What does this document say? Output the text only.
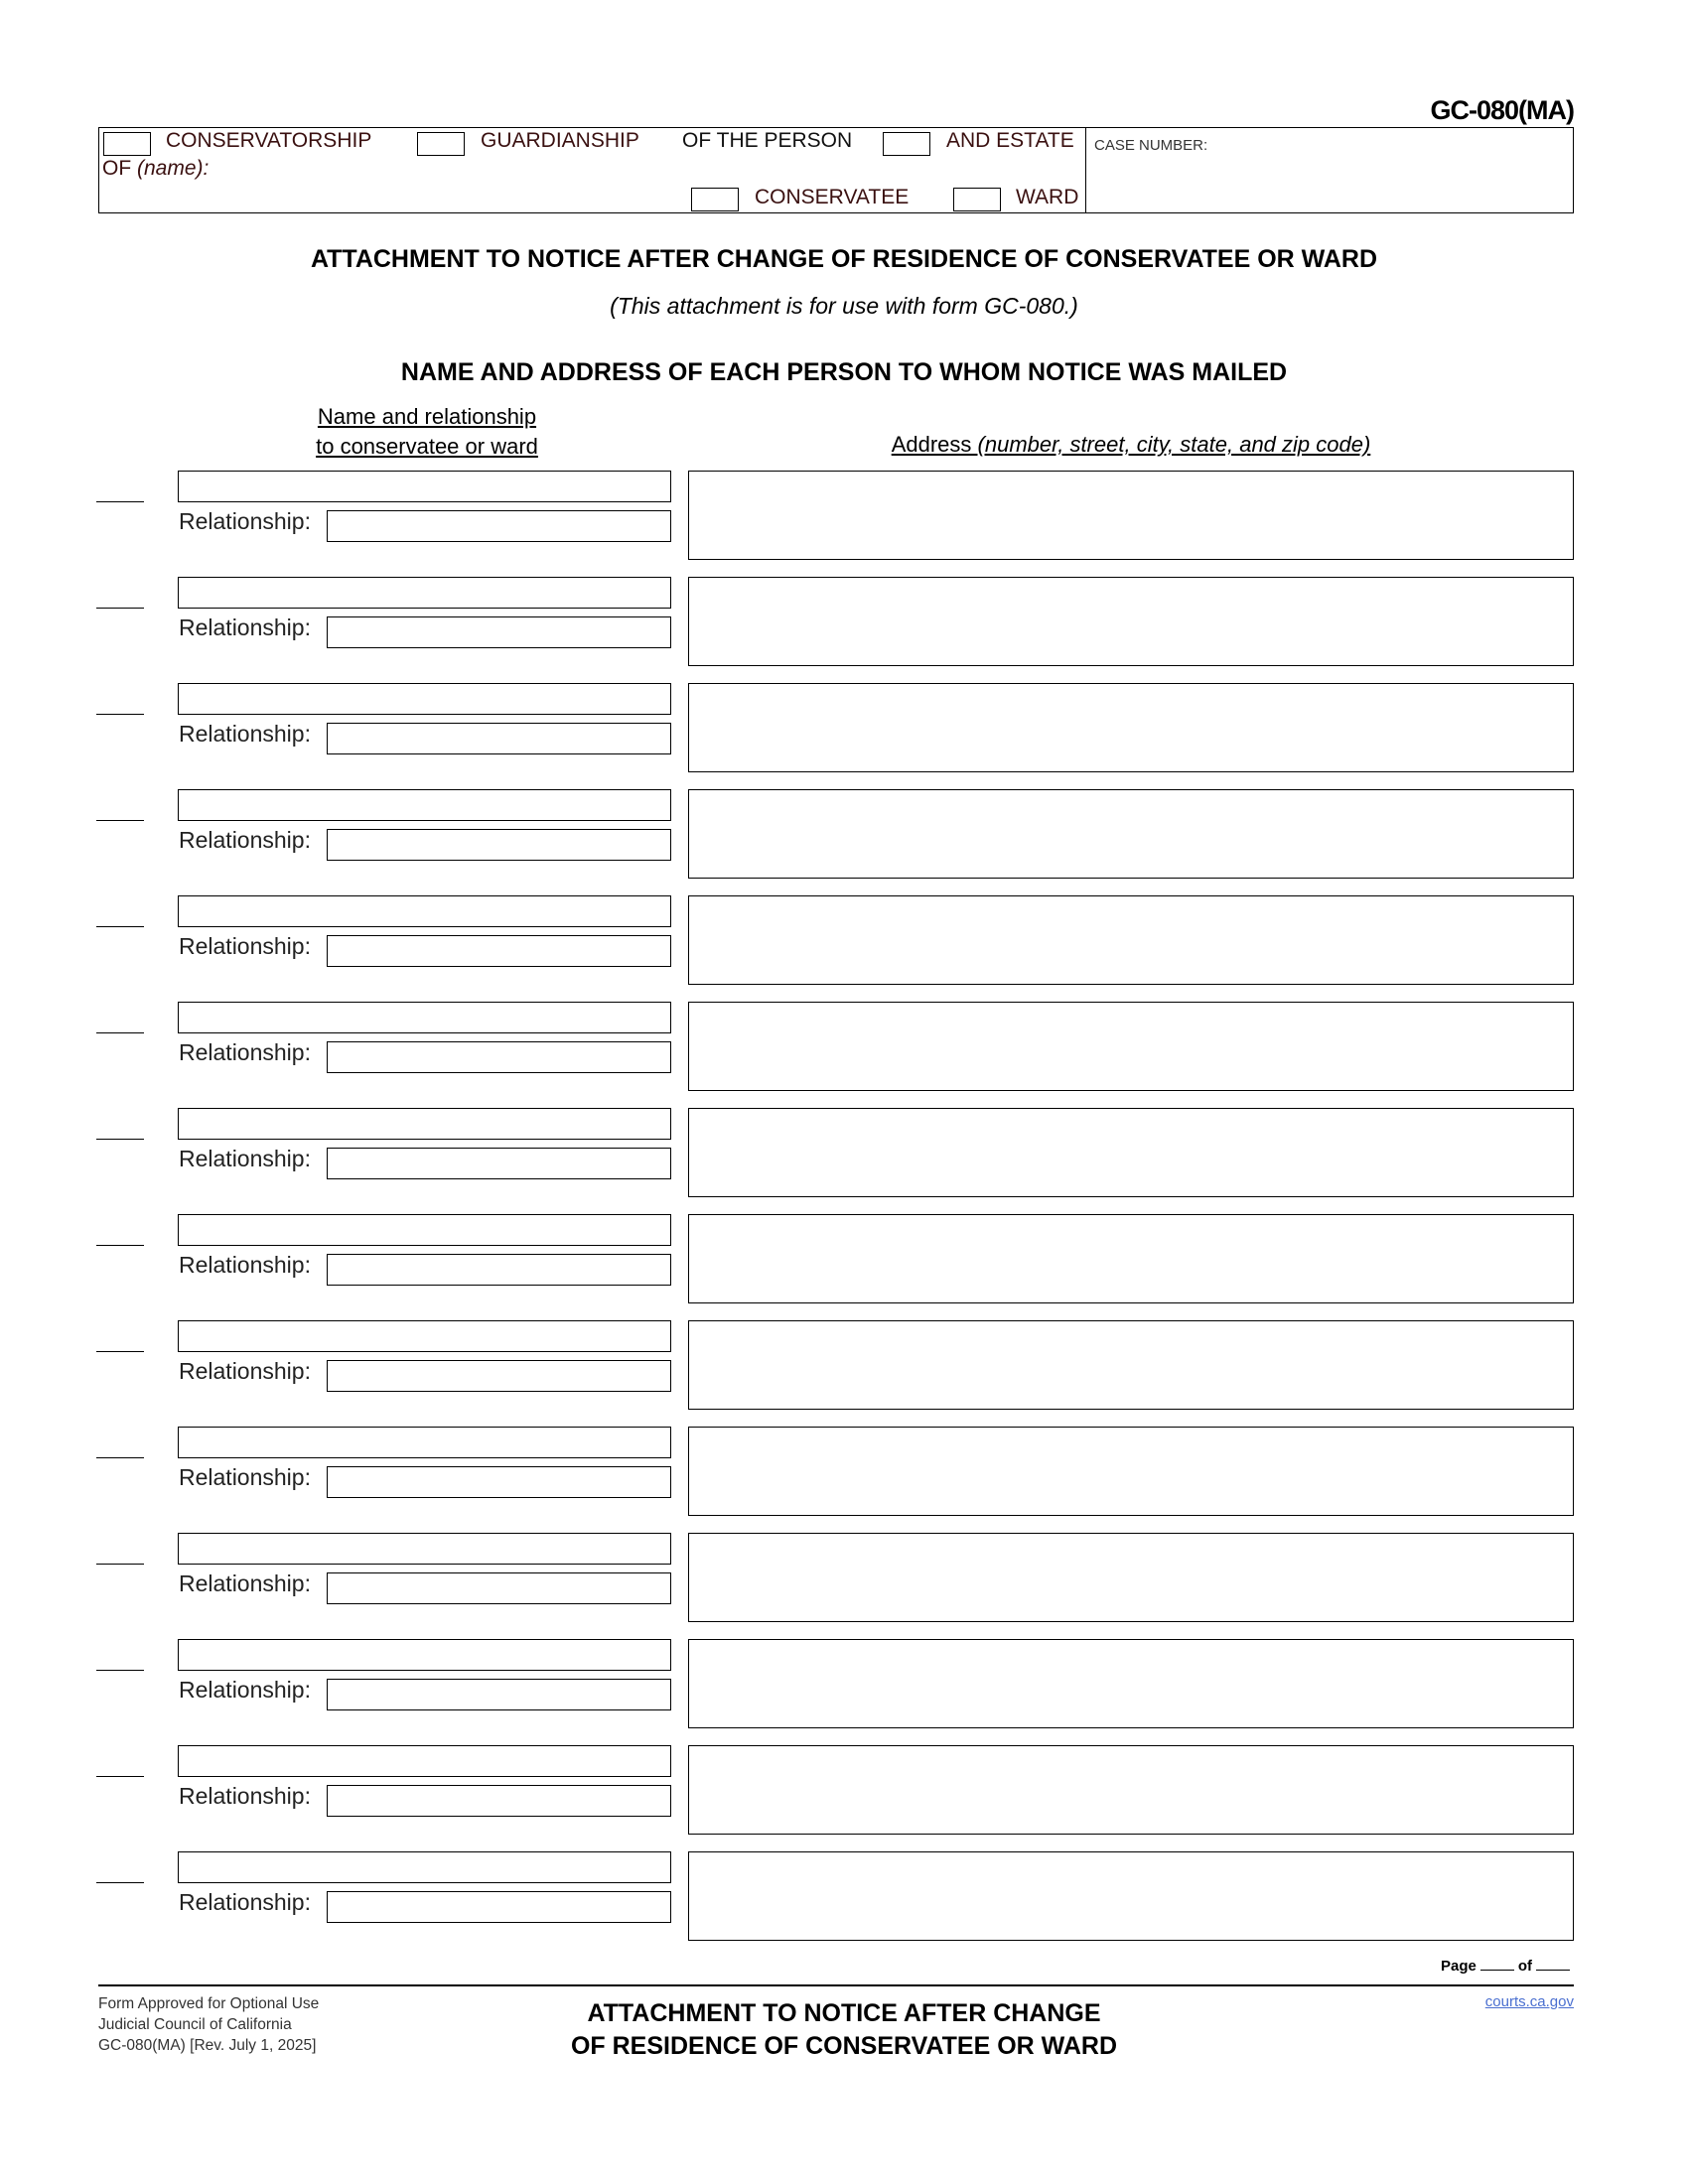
GC-080(MA)
CONSERVATORSHIP	GUARDIANSHIP OF THE PERSON	AND ESTATE
OF (name):
CONSERVATEE	WARD
CASE NUMBER:
ATTACHMENT TO NOTICE AFTER CHANGE OF RESIDENCE OF CONSERVATEE OR WARD
(This attachment is for use with form GC-080.)
NAME AND ADDRESS OF EACH PERSON TO WHOM NOTICE WAS MAILED
Name and relationship
to conservatee or ward	Address (number, street, city, state, and zip code)
Relationship:
Relationship:
Relationship:
Relationship:
Relationship:
Relationship:
Relationship:
Relationship:
Relationship:
Relationship:
Relationship:
Relationship:
Relationship:
Relationship:
Page	of
Form Approved for Optional Use
Judicial Council of California
GC-080(MA) [Rev. July 1, 2025]
ATTACHMENT TO NOTICE AFTER CHANGE
OF RESIDENCE OF CONSERVATEE OR WARD
courts.ca.gov
